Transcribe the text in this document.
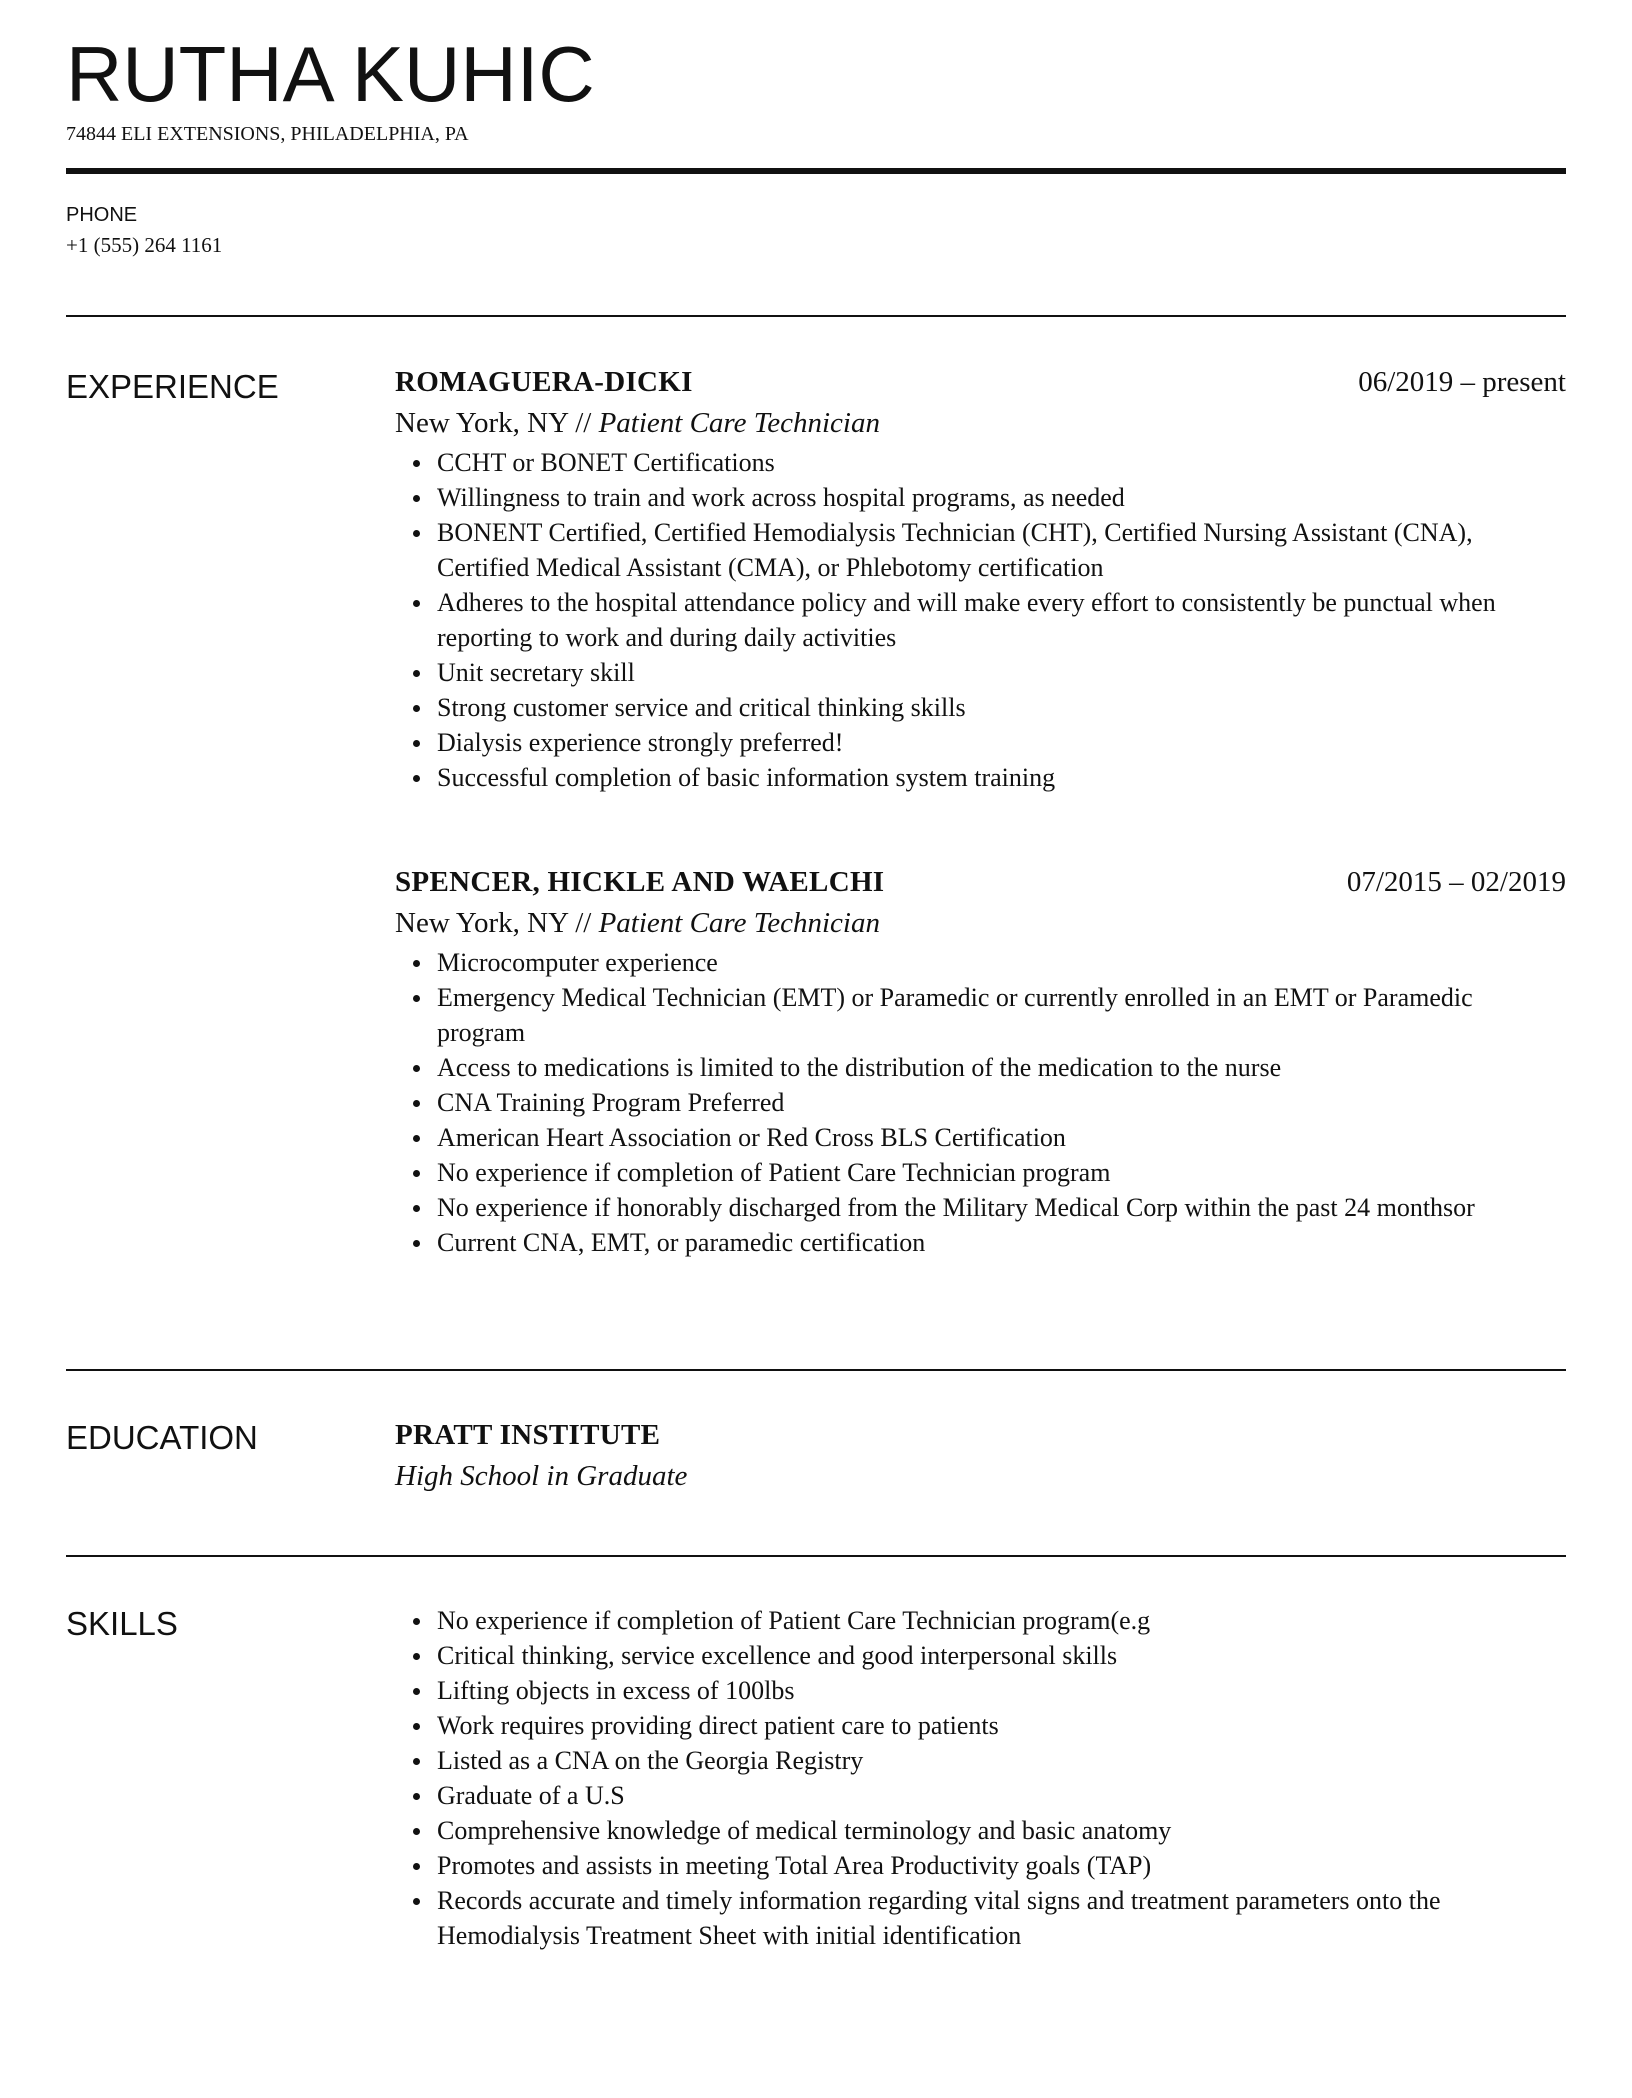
RUTHA KUHIC
74844 ELI EXTENSIONS, PHILADELPHIA, PA
PHONE
+1 (555) 264 1161
EXPERIENCE	ROMAGUERA-DICKI	06/2019 – present
New York, NY // Patient Care Technician
CCHT or BONET Certifications
Willingness to train and work across hospital programs, as needed
BONENT Certified, Certified Hemodialysis Technician (CHT), Certified Nursing Assistant (CNA), Certified Medical Assistant (CMA), or Phlebotomy certification
Adheres to the hospital attendance policy and will make every effort to consistently be punctual when reporting to work and during daily activities
Unit secretary skill
Strong customer service and critical thinking skills
Dialysis experience strongly preferred!
Successful completion of basic information system training
SPENCER, HICKLE AND WAELCHI	07/2015 – 02/2019
New York, NY // Patient Care Technician
Microcomputer experience
Emergency Medical Technician (EMT) or Paramedic or currently enrolled in an EMT or Paramedic program
Access to medications is limited to the distribution of the medication to the nurse
CNA Training Program Preferred
American Heart Association or Red Cross BLS Certification
No experience if completion of Patient Care Technician program
No experience if honorably discharged from the Military Medical Corp within the past 24 monthsor
Current CNA, EMT, or paramedic certification
EDUCATION	PRATT INSTITUTE
High School in Graduate
SKILLS	No experience if completion of Patient Care Technician program(e.g
Critical thinking, service excellence and good interpersonal skills
Lifting objects in excess of 100lbs
Work requires providing direct patient care to patients
Listed as a CNA on the Georgia Registry
Graduate of a U.S
Comprehensive knowledge of medical terminology and basic anatomy
Promotes and assists in meeting Total Area Productivity goals (TAP)
Records accurate and timely information regarding vital signs and treatment parameters onto the Hemodialysis Treatment Sheet with initial identification
